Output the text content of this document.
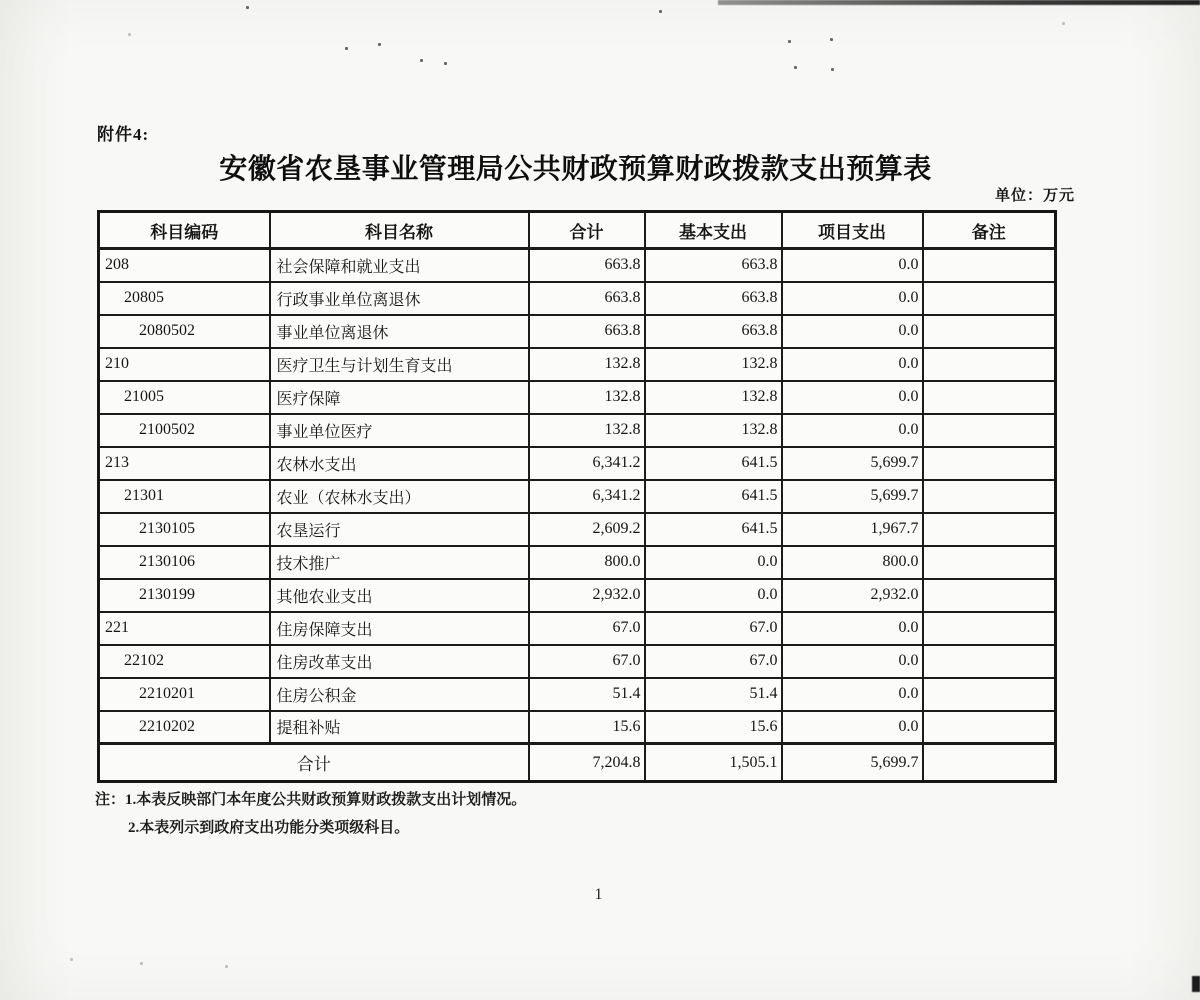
附件4:
安徽省农垦事业管理局公共财政预算财政拨款支出预算表
单位：万元
科目编码	科目名称	合计	基本支出	项目支出	备注
208	社会保障和就业支出	663.8	663.8	0.0	
20805	行政事业单位离退休	663.8	663.8	0.0	
2080502	事业单位离退休	663.8	663.8	0.0	
210	医疗卫生与计划生育支出	132.8	132.8	0.0	
21005	医疗保障	132.8	132.8	0.0	
2100502	事业单位医疗	132.8	132.8	0.0	
213	农林水支出	6,341.2	641.5	5,699.7	
21301	农业（农林水支出）	6,341.2	641.5	5,699.7	
2130105	农垦运行	2,609.2	641.5	1,967.7	
2130106	技术推广	800.0	0.0	800.0	
2130199	其他农业支出	2,932.0	0.0	2,932.0	
221	住房保障支出	67.0	67.0	0.0	
22102	住房改革支出	67.0	67.0	0.0	
2210201	住房公积金	51.4	51.4	0.0	
2210202	提租补贴	15.6	15.6	0.0	
合计		7,204.8	1,505.1	5,699.7	
注：1.本表反映部门本年度公共财政预算财政拨款支出计划情况。
2.本表列示到政府支出功能分类项级科目。
1
